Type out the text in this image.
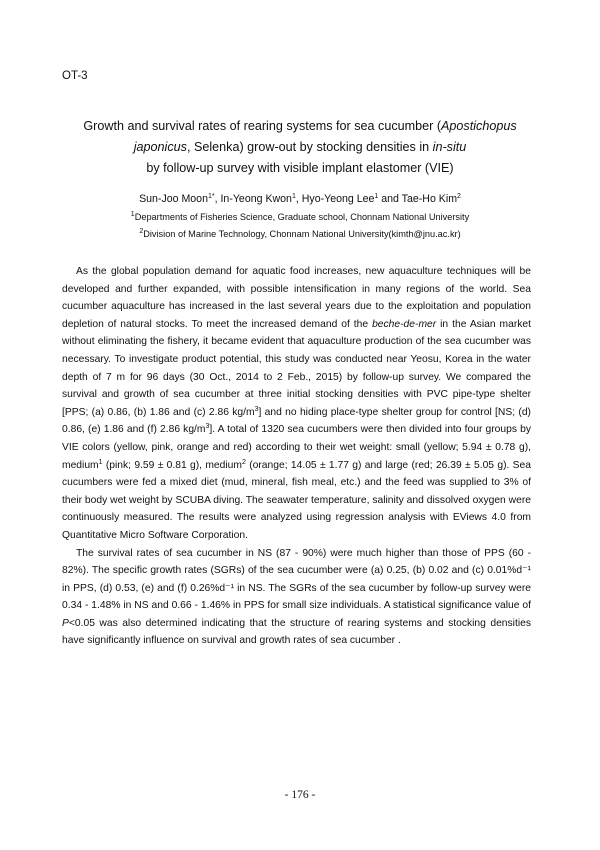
OT-3
Growth and survival rates of rearing systems for sea cucumber (Apostichopus
japonicus, Selenka) grow-out by stocking densities in in-situ
by follow-up survey with visible implant elastomer (VIE)
Sun-Joo Moon$^{1*}$, In-Yeong Kwon$^1$, Hyo-Yeong Lee$^1$ and Tae-Ho Kim$^2$
$^1$Departments of Fisheries Science, Graduate school, Chonnam National University
$^2$Division of Marine Technology, Chonnam National University(kimth@jnu.ac.kr)

As the global population demand for aquatic food increases, new aquaculture techniques will be developed and further expanded, with possible intensification in many regions of the world. Sea cucumber aquaculture has increased in the last several years due to the exploitation and population depletion of natural stocks. To meet the increased demand of the beche-de-mer in the Asian market without eliminating the fishery, it became evident that aquaculture production of the sea cucumber was necessary. To investigate product potential, this study was conducted near Yeosu, Korea in the water depth of 7 m for 96 days (30 Oct., 2014 to 2 Feb., 2015) by follow-up survey. We compared the survival and growth of sea cucumber at three initial stocking densities with PVC pipe-type shelter [PPS; (a) 0.86, (b) 1.86 and (c) 2.86 $kg/m^3$] and no hiding place-type shelter group for control [NS; (d) 0.86, (e) 1.86 and (f) 2.86 $kg/m^3$]. A total of 1320 sea cucumbers were then divided into four groups by VIE colors (yellow, pink, orange and red) according to their wet weight: small (yellow; 5.94 ± 0.78 g), medium$^1$ (pink; 9.59 ± 0.81 g), medium$^2$ (orange; 14.05 ± 1.77 g) and large (red; 26.39 ± 5.05 g). Sea cucumbers were fed a mixed diet (mud, mineral, fish meal, etc.) and the feed was supplied to 3% of their body wet weight by SCUBA diving. The seawater temperature, salinity and dissolved oxygen were continuously measured. The results were analyzed using regression analysis with EViews 4.0 from Quantitative Micro Software Corporation.

The survival rates of sea cucumber in NS (87 - 90%) were much higher than those of PPS (60 - 82%). The specific growth rates (SGRs) of the sea cucumber were (a) 0.25, (b) 0.02 and (c) 0.01%d⁻¹ in PPS, (d) 0.53, (e) and (f) 0.26%d⁻¹ in NS. The SGRs of the sea cucumber by follow-up survey were 0.34 - 1.48% in NS and 0.66 - 1.46% in PPS for small size individuals. A statistical significance value of P<0.05 was also determined indicating that the structure of rearing systems and stocking densities have significantly influence on survival and growth rates of sea cucumber .

- 176 -
